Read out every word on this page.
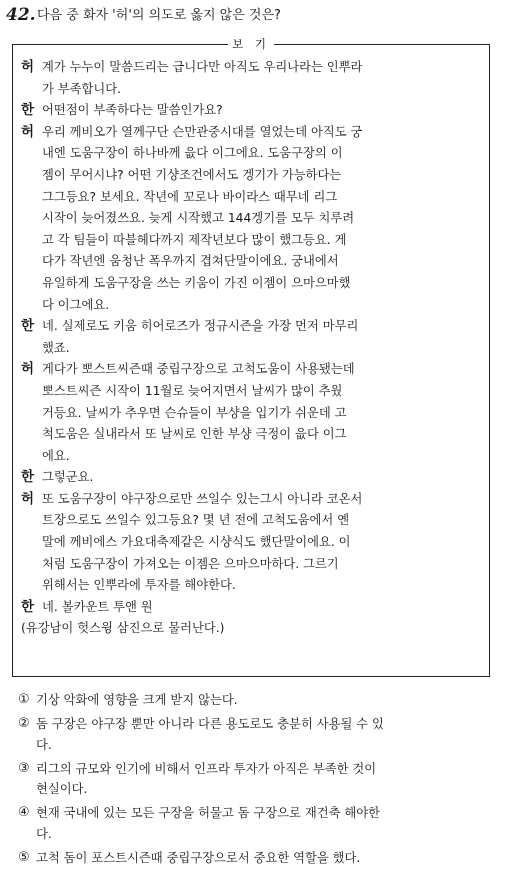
42. 다음 중 화자 '허'의 의도로 옳지 않은 것은?
보 기
허 계가 누누이 말씀드리는 급니다만 아직도 우리나라는 인뿌라
가 부족합니다.
한 어떤점이 부족하다는 말씀인가요?
허 우리 께비오가 열께구단 슨만관중시대를 열었는데 아직도 궁
내엔 도움구장이 하나바께 읎다 이그에요. 도움구장의 이
젬이 무어시냐? 어떤 기샹조건에서도 겡기가 가능하다는
그그등요? 보세요. 작년에 꼬로나 바이라스 때무네 리그
시작이 늦어졌쓰요. 늦게 시작했고 144겡기를 모두 치루려
고 각 팀들이 따블헤다까지 제작년보다 많이 했그등요. 게
다가 작년엔 움청난 폭우까지 겹쳐단말이에요. 궁내에서
유일하게 도움구장을 쓰는 키움이 가진 이젬이 으마으마했
다 이그에요.
한 네. 실제로도 키움 히어로즈가 정규시즌을 가장 먼저 마무리
했죠.
허 게다가 뽀스트씨즌때 중립구장으로 고척도움이 사용됐는데
뽀스트씨즌 시작이 11월로 늦어지면서 날씨가 많이 추웠
거등요. 날씨가 추우면 슨슈들이 부샹을 입기가 쉬운데 고
척도움은 실내라서 또 날씨로 인한 부샹 극정이 읎다 이그
에요.
한 그렇군요.
허 또 도움구장이 야구장으로만 쓰일수 있는그시 아니라 코온서
트장으로도 쓰일수 있그등요? 몇 년 전에 고척도움에서 옌
말에 께비에스 가요대축제같은 시샹식도 했단말이에요. 이
처럼 도움구장이 가져오는 이젬은 으마으마하다. 그르기
위해서는 인뿌라에 투자를 해야한다.
한 네. 볼카운트 투앤 원
(유강남이 헛스윙 삼진으로 물러난다.)
① 기상 악화에 영향을 크게 받지 않는다.
② 돔 구장은 야구장 뿐만 아니라 다른 용도로도 충분히 사용될 수 있
다.
③ 리그의 규모와 인기에 비해서 인프라 투자가 아직은 부족한 것이
현실이다.
④ 현재 국내에 있는 모든 구장을 허물고 돔 구장으로 재건축 해야한
다.
⑤ 고척 돔이 포스트시즌때 중립구장으로서 중요한 역할을 했다.
